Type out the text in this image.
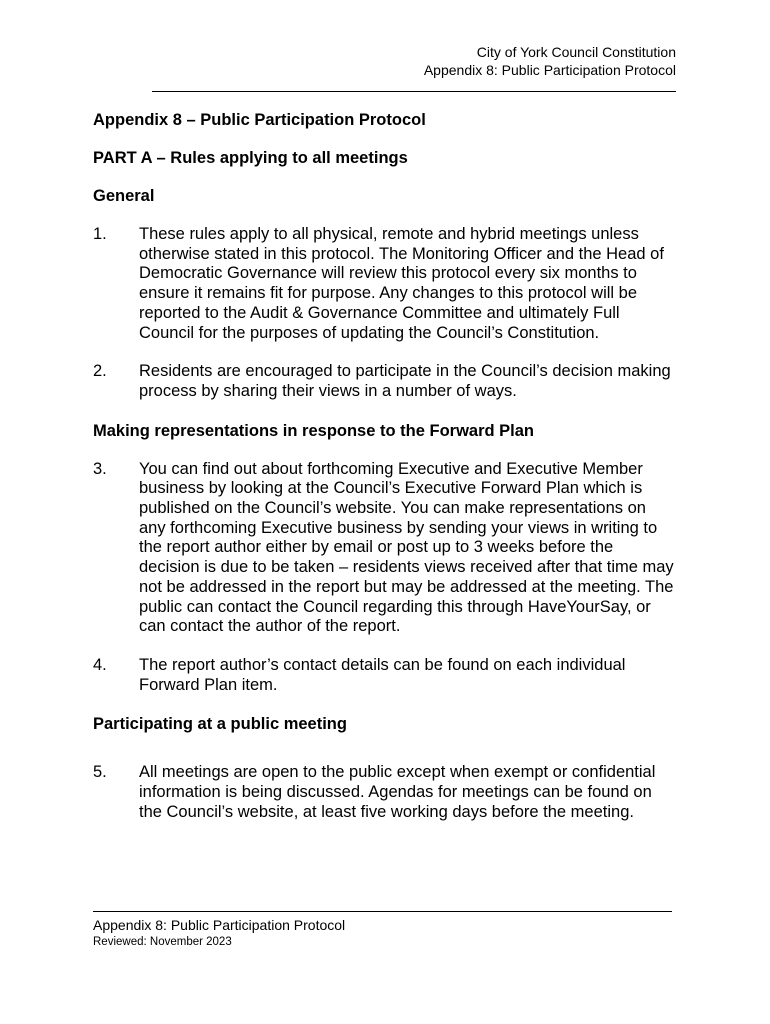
City of York Council Constitution
Appendix 8: Public Participation Protocol
Appendix 8 – Public Participation Protocol
PART A – Rules applying to all meetings
General
1.	These rules apply to all physical, remote and hybrid meetings unless otherwise stated in this protocol. The Monitoring Officer and the Head of Democratic Governance will review this protocol every six months to ensure it remains fit for purpose. Any changes to this protocol will be reported to the Audit & Governance Committee and ultimately Full Council for the purposes of updating the Council’s Constitution.
2.	Residents are encouraged to participate in the Council’s decision making process by sharing their views in a number of ways.
Making representations in response to the Forward Plan
3.	You can find out about forthcoming Executive and Executive Member business by looking at the Council’s Executive Forward Plan which is published on the Council’s website. You can make representations on any forthcoming Executive business by sending your views in writing to the report author either by email or post up to 3 weeks before the decision is due to be taken – residents views received after that time may not be addressed in the report but may be addressed at the meeting. The public can contact the Council regarding this through HaveYourSay, or can contact the author of the report.
4.	The report author’s contact details can be found on each individual Forward Plan item.
Participating at a public meeting
5.	All meetings are open to the public except when exempt or confidential information is being discussed. Agendas for meetings can be found on the Council’s website, at least five working days before the meeting.
Appendix 8: Public Participation Protocol
Reviewed: November 2023
